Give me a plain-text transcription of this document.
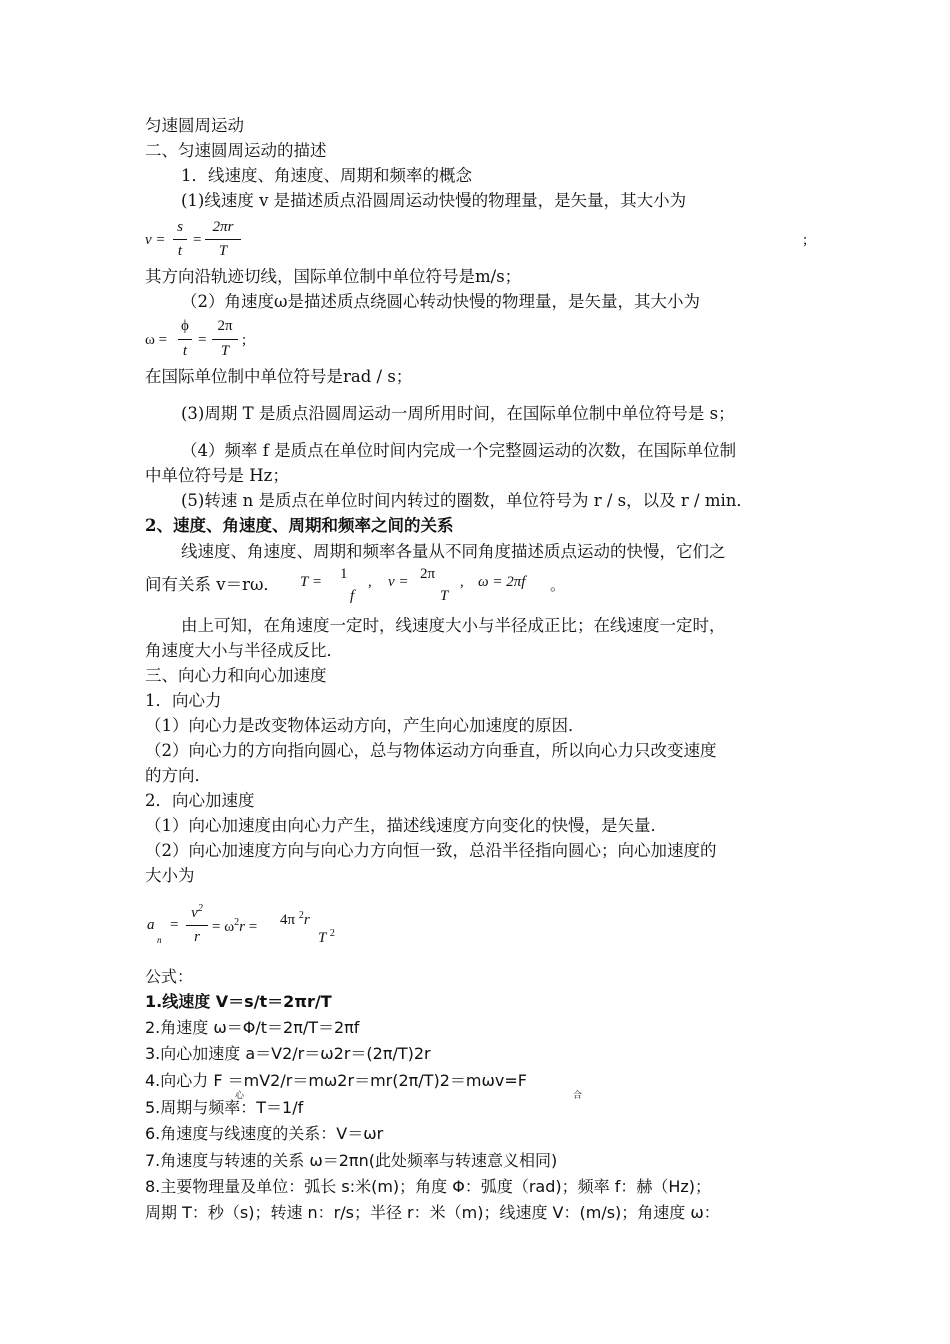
匀速圆周运动
二、匀速圆周运动的描述
1．线速度、角速度、周期和频率的概念
(1)线速度 v 是描述质点沿圆周运动快慢的物理量，是矢量，其大小为
v =
s
t
=
2πr
T
;
其方向沿轨迹切线，国际单位制中单位符号是m/s；
（2）角速度ω是描述质点绕圆心转动快慢的物理量，是矢量，其大小为
ω =
ϕ
t
=
2π
T
;
在国际单位制中单位符号是rad / s；
(3)周期 T 是质点沿圆周运动一周所用时间，在国际单位制中单位符号是 s；
（4）频率 f 是质点在单位时间内完成一个完整圆运动的次数，在国际单位制
中单位符号是 Hz；
(5)转速 n 是质点在单位时间内转过的圈数，单位符号为 r / s，以及 r / min．
2、速度、角速度、周期和频率之间的关系
线速度、角速度、周期和频率各量从不同角度描述质点运动的快慢，它们之
间有关系 v＝rω． T = 1
f
, v = 2π
T
, ω = 2πf 。
由上可知，在角速度一定时，线速度大小与半径成正比；在线速度一定时，
角速度大小与半径成反比．
三、向心力和向心加速度
1．向心力
（1）向心力是改变物体运动方向，产生向心加速度的原因．
（2）向心力的方向指向圆心，总与物体运动方向垂直，所以向心力只改变速度
的方向．
2．向心加速度
（1）向心加速度由向心力产生，描述线速度方向变化的快慢，是矢量．
（2）向心加速度方向与向心力方向恒一致，总沿半径指向圆心；向心加速度的
大小为
a
n
=
$v^2$
r
= $\omega^2r = 4\pi$ $^2$r
T $^2$
公式：
1.线速度 V＝s/t＝2πr/T
2.角速度 ω＝Φ/t＝2π/T＝2πf
3.向心加速度 a＝V2/r＝ω2r＝(2π/T)2r
4.向心力 F ＝mV2/r＝mω2r＝mr(2π/T)2＝mωv=F
心	合
5.周期与频率：T＝1/f
6.角速度与线速度的关系：V＝ωr
7.角速度与转速的关系 ω＝2πn(此处频率与转速意义相同)
8.主要物理量及单位：弧长 s:米(m)；角度 Φ：弧度（rad)；频率 f：赫（Hz)；
周期 T：秒（s)；转速 n：r/s；半径 r：米（m)；线速度 V：(m/s)；角速度 ω：
